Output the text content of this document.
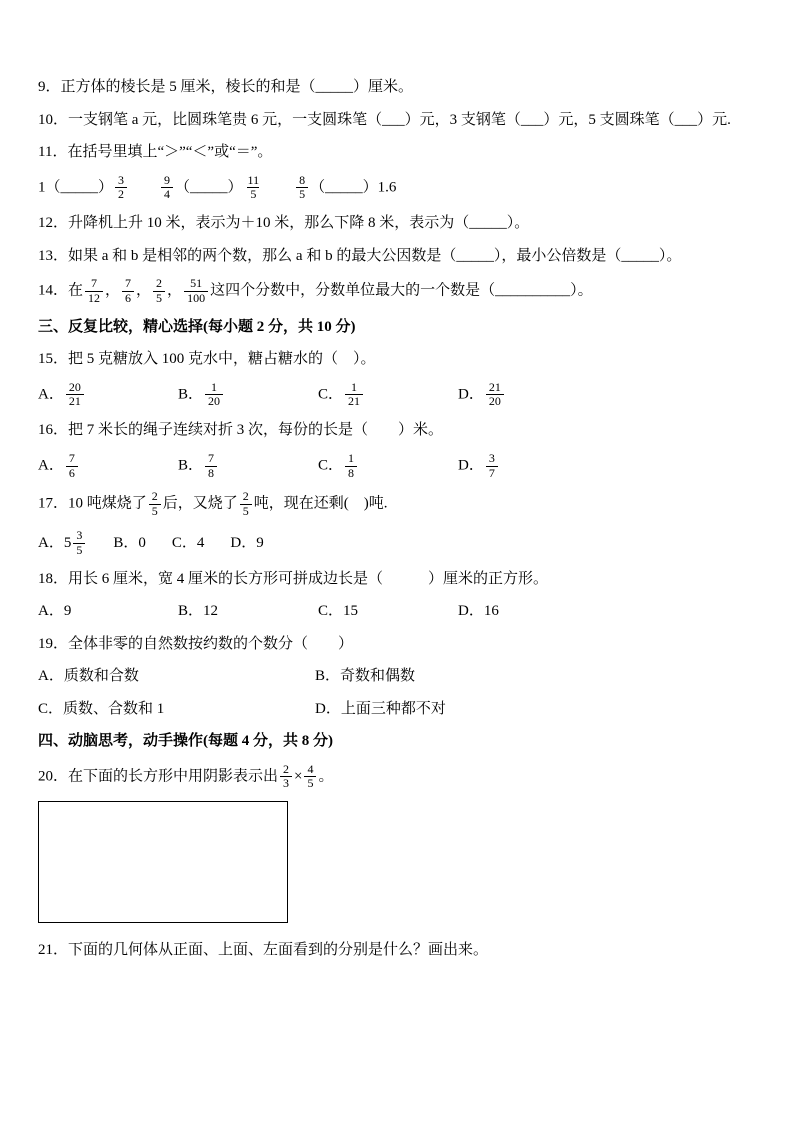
9．正方体的棱长是 5 厘米，棱长的和是（_____）厘米。
10．一支钢笔 a 元，比圆珠笔贵 6 元，一支圆珠笔（___）元，3 支钢笔（___）元，5 支圆珠笔（___）元.
11．在括号里填上“＞”“＜”或“＝”。
1（_____） $\frac{3}{2}$
　　	$\frac{9}{4}$ （_____） $\frac{11}{5}$
　　	$\frac{8}{5}$ （_____）1.6
12．升降机上升 10 米，表示为＋10 米，那么下降 8 米，表示为（_____）。
13．如果 a 和 b 是相邻的两个数，那么 a 和 b 的最大公因数是（_____），最小公倍数是（_____）。
14．在 $\frac{7}{12}$ ， $\frac{7}{6}$ ， $\frac{2}{5}$ ， $\frac{51}{100}$ 这四个分数中，分数单位最大的一个数是（__________）。
三、反复比较，精心选择(每小题 2 分，共 10 分)
15．把 5 克糖放入 100 克水中，糖占糖水的（　）。
A． $\frac{20}{21}$	B． $\frac{1}{20}$	C． $\frac{1}{21}$	D． $\frac{21}{20}$
16．把 7 米长的绳子连续对折 3 次，每份的长是（　　）米。
A． $\frac{7}{6}$	B． $\frac{7}{8}$	C． $\frac{1}{8}$	D． $\frac{3}{7}$
17．10 吨煤烧了 $\frac{2}{5}$ 后，又烧了 $\frac{2}{5}$ 吨，现在还剩(　)吨.
A．$5 \frac{3}{5}$ B．0 C．4 D．9
18．用长 6 厘米，宽 4 厘米的长方形可拼成边长是（　　　）厘米的正方形。
A．9	B．12	C．15	D．16
19．全体非零的自然数按约数的个数分（　　）
A．质数和合数	B．奇数和偶数
C．质数、合数和 1	D．上面三种都不对
四、动脑思考，动手操作(每题 4 分，共 8 分)
20．在下面的长方形中用阴影表示出 $\frac{2}{3} \times \frac{4}{5}$ 。
21．下面的几何体从正面、上面、左面看到的分别是什么？画出来。
